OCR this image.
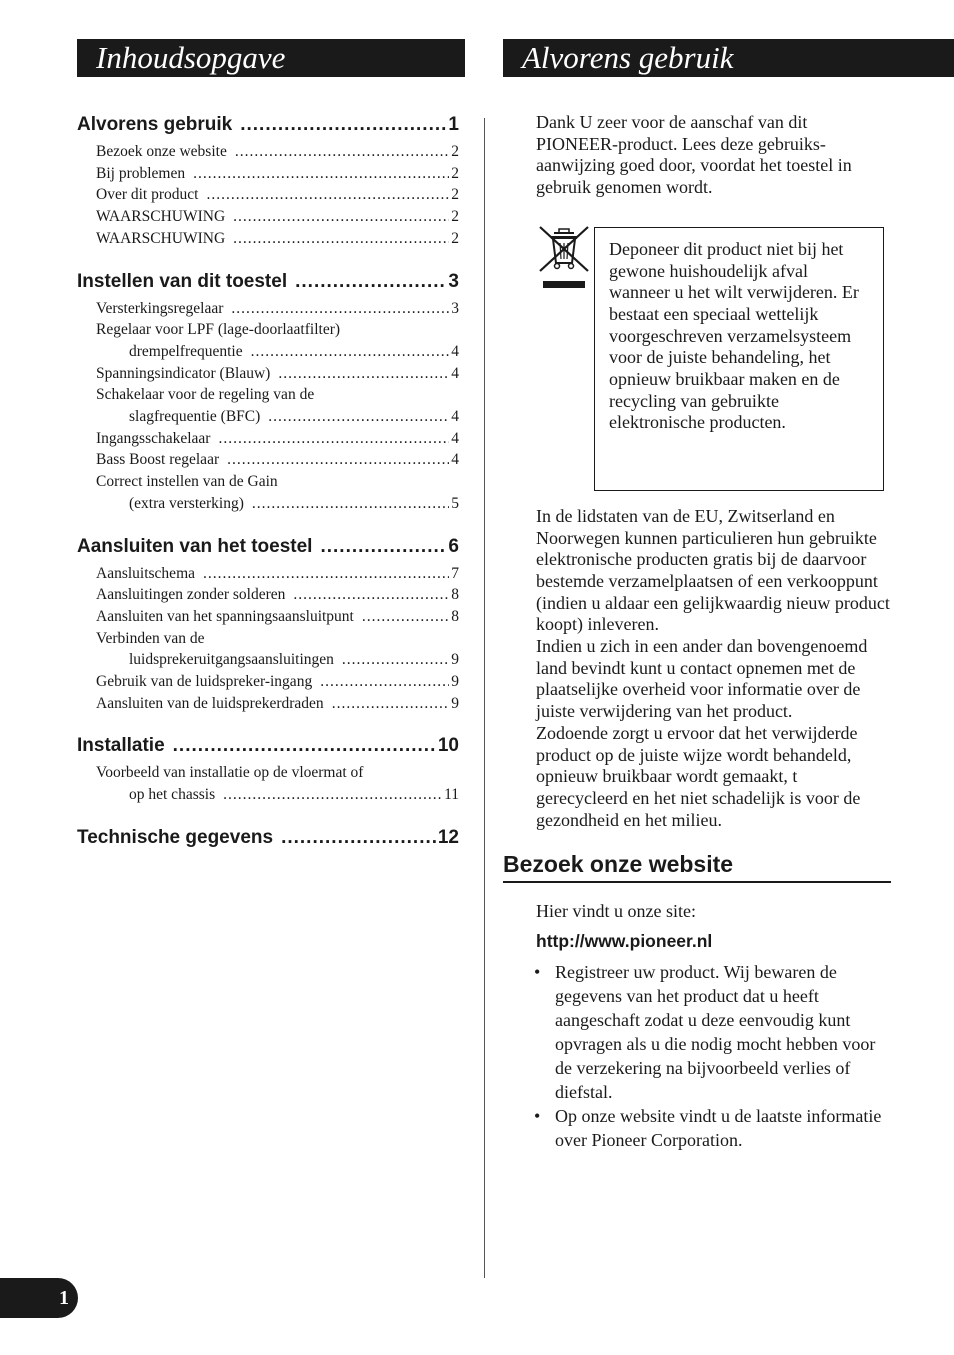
Inhoudsopgave	Alvorens gebruik
Alvorens gebruik .....	1
Bezoek onze website .....	2
Bij problemen .....	2
Over dit product .....	2
WAARSCHUWING .....	2
WAARSCHUWING .....	2
Instellen van dit toestel .....	3
Versterkingsregelaar .....	3
Regelaar voor LPF (lage-doorlaatfilter)
drempelfrequentie .....	4
Spanningsindicator (Blauw) .....	4
Schakelaar voor de regeling van de
slagfrequentie (BFC) .....	4
Ingangsschakelaar .....	4
Bass Boost regelaar .....	4
Correct instellen van de Gain
(extra versterking) .....	5
Aansluiten van het toestel .....	6
Aansluitschema .....	7
Aansluitingen zonder solderen .....	8
Aansluiten van het spanningsaansluitpunt .....	8
Verbinden van de
luidsprekeruitgangsaansluitingen .....	9
Gebruik van de luidspreker-ingang .....	9
Aansluiten van de luidsprekerdraden .....	9
Installatie .....	10
Voorbeeld van installatie op de vloermat of
op het chassis .....	11
Technische gegevens .....	12

Dank U zeer voor de aanschaf van dit PIONEER-product. Lees deze gebruiks-aanwijzing goed door, voordat het toestel in gebruik genomen wordt.

Deponeer dit product niet bij het gewone huishoudelijk afval wanneer u het wilt verwijderen. Er bestaat een speciaal wettelijk voorgeschreven verzamelsysteem voor de juiste behandeling, het opnieuw bruikbaar maken en de recycling van gebruikte elektronische producten.

In de lidstaten van de EU, Zwitserland en Noorwegen kunnen particulieren hun gebruikte elektronische producten gratis bij de daarvoor bestemde verzamelplaatsen of een verkooppunt (indien u aldaar een gelijkwaardig nieuw product koopt) inleveren.

Indien u zich in een ander dan bovengenoemd land bevindt kunt u contact opnemen met de plaatselijke overheid voor informatie over de juiste verwijdering van het product.

Zodoende zorgt u ervoor dat het verwijderde product op de juiste wijze wordt behandeld, opnieuw bruikbaar wordt gemaakt, t gerecycleerd en het niet schadelijk is voor de gezondheid en het milieu.

Bezoek onze website

Hier vindt u onze site:

http://www.pioneer.nl
• Registreer uw product. Wij bewaren de gegevens van het product dat u heeft aangeschaft zodat u deze eenvoudig kunt opvragen als u die nodig mocht hebben voor de verzekering na bijvoorbeeld verlies of diefstal.
• Op onze website vindt u de laatste informatie over Pioneer Corporation.
1
